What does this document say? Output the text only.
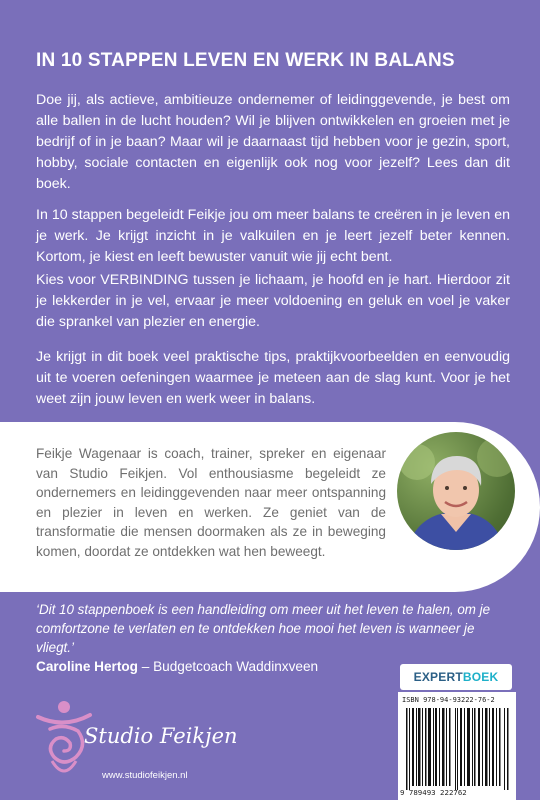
IN 10 STAPPEN LEVEN EN WERK IN BALANS

Doe jij, als actieve, ambitieuze ondernemer of leidinggevende, je best om alle ballen in de lucht houden? Wil je blijven ontwikkelen en groeien met je bedrijf of in je baan? Maar wil je daarnaast tijd hebben voor je gezin, sport, hobby, sociale contacten en eigenlijk ook nog voor jezelf? Lees dan dit boek.

In 10 stappen begeleidt Feikje jou om meer balans te creëren in je leven en je werk. Je krijgt inzicht in je valkuilen en je leert jezelf beter kennen. Kortom, je kiest en leeft bewuster vanuit wie jij echt bent.

Kies voor VERBINDING tussen je lichaam, je hoofd en je hart. Hierdoor zit je lekkerder in je vel, ervaar je meer voldoening en geluk en voel je vaker die sprankel van plezier en energie.

Je krijgt in dit boek veel praktische tips, praktijkvoorbeelden en eenvoudig uit te voeren oefeningen waarmee je meteen aan de slag kunt. Voor je het weet zijn jouw leven en werk weer in balans.

Feikje Wagenaar is coach, trainer, spreker en eigenaar van Studio Feikjen. Vol enthousiasme begeleidt ze ondernemers en leidinggevenden naar meer ontspanning en plezier in leven en werken. Ze geniet van de transformatie die mensen doormaken als ze in beweging komen, doordat ze ontdekken wat hen beweegt.

‘Dit 10 stappenboek is een handleiding om meer uit het leven te halen, om je comfortzone te verlaten en te ontdekken hoe mooi het leven is wanneer je vliegt.’

Caroline Hertog – Budgetcoach Waddinxveen
Studio Feikjen
www.studiofeikjen.nl
EXPERT BOEK
ISBN 978-94-93222-76-2
9 789493 222762
